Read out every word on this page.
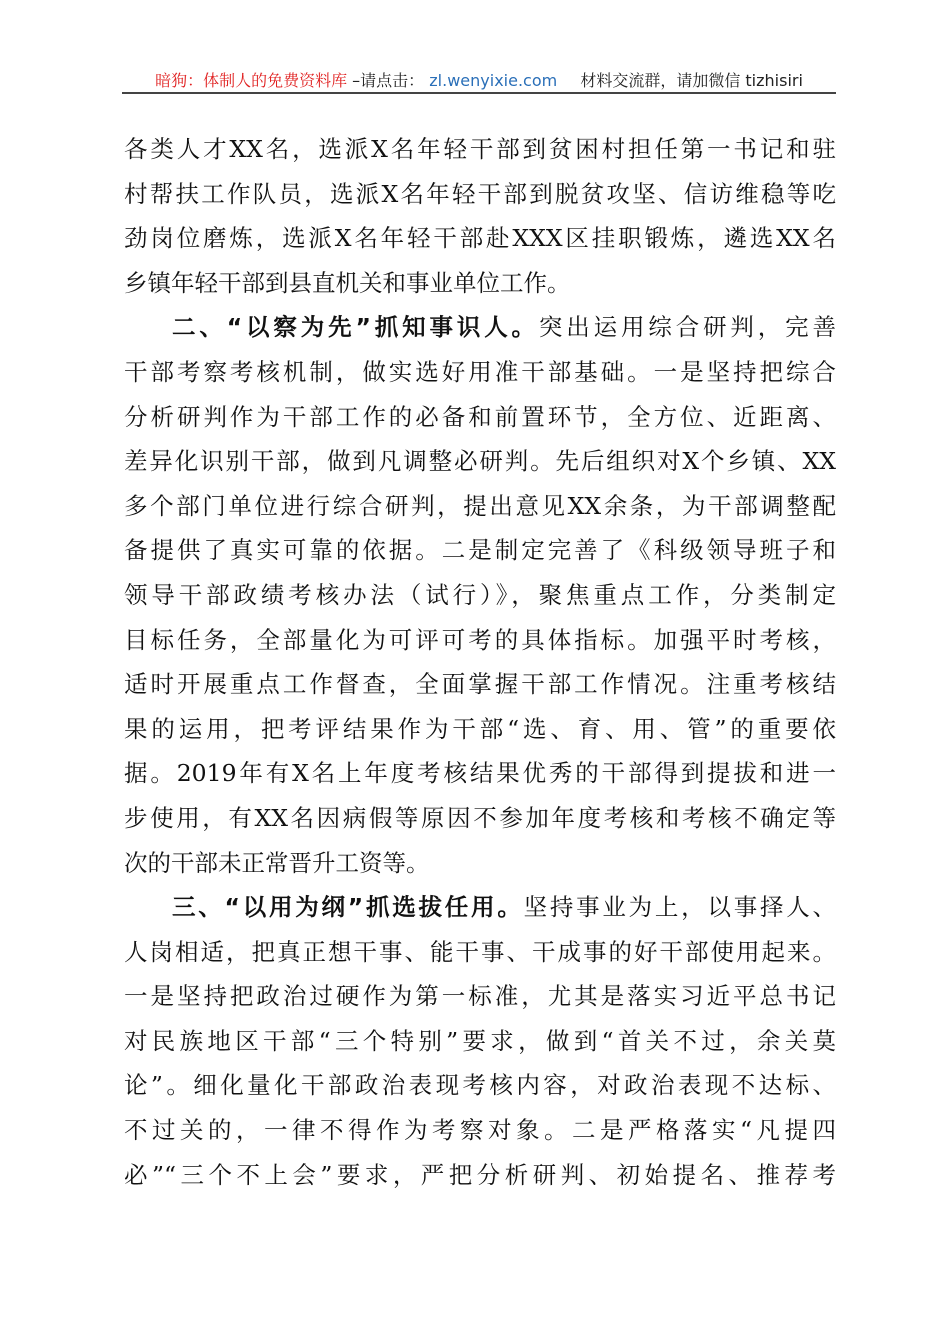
暗狗：体制人的免费资料库 –请点击： zl.wenyixie.com 材料交流群，请加微信 tizhisiri
各类人才XX名，选派X名年轻干部到贫困村担任第一书记和驻
村帮扶工作队员，选派X名年轻干部到脱贫攻坚、信访维稳等吃
劲岗位磨炼，选派X名年轻干部赴XXX区挂职锻炼，遴选XX名
乡镇年轻干部到县直机关和事业单位工作。
二、“以察为先”抓知事识人。突出运用综合研判，完善
干部考察考核机制，做实选好用准干部基础。一是坚持把综合
分析研判作为干部工作的必备和前置环节，全方位、近距离、
差异化识别干部，做到凡调整必研判。先后组织对X个乡镇、XX
多个部门单位进行综合研判，提出意见XX余条，为干部调整配
备提供了真实可靠的依据。二是制定完善了《科级领导班子和
领导干部政绩考核办法（试行）》，聚焦重点工作，分类制定
目标任务，全部量化为可评可考的具体指标。加强平时考核，
适时开展重点工作督查，全面掌握干部工作情况。注重考核结
果的运用，把考评结果作为干部“选、育、用、管”的重要依
据。2019年有X名上年度考核结果优秀的干部得到提拔和进一
步使用，有XX名因病假等原因不参加年度考核和考核不确定等
次的干部未正常晋升工资等。
三、“以用为纲”抓选拔任用。坚持事业为上，以事择人、
人岗相适，把真正想干事、能干事、干成事的好干部使用起来。
一是坚持把政治过硬作为第一标准，尤其是落实习近平总书记
对民族地区干部“三个特别”要求，做到“首关不过，余关莫
论”。细化量化干部政治表现考核内容，对政治表现不达标、
不过关的，一律不得作为考察对象。二是严格落实“凡提四
必”“三个不上会”要求，严把分析研判、初始提名、推荐考
